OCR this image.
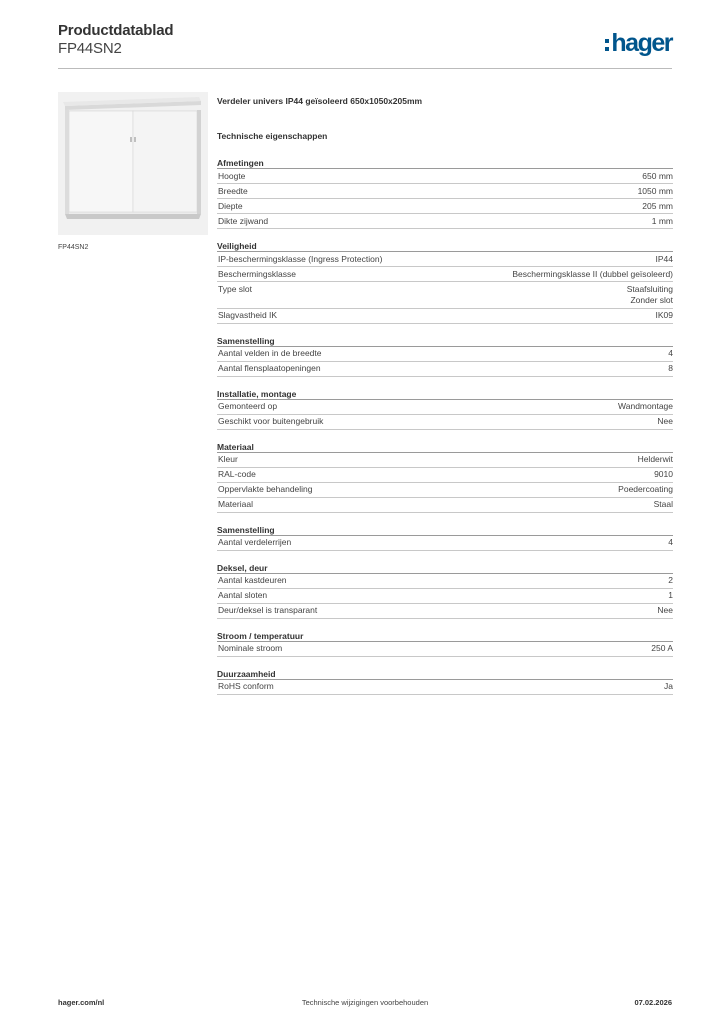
Productdatablad
FP44SN2	hager
FP44SN2
Verdeler univers IP44 geïsoleerd 650x1050x205mm
Technische eigenschappen
Afmetingen
Hoogte	650 mm
Breedte	1050 mm
Diepte	205 mm
Dikte zijwand	1 mm
Veiligheid
IP-beschermingsklasse (Ingress Protection)	IP44
Beschermingsklasse	Beschermingsklasse II (dubbel geïsoleerd)
Type slot	Staafsluiting
Zonder slot
Slagvastheid IK	IK09
Samenstelling
Aantal velden in de breedte	4
Aantal flensplaatopeningen	8
Installatie, montage
Gemonteerd op	Wandmontage
Geschikt voor buitengebruik	Nee
Materiaal
Kleur	Helderwit
RAL-code	9010
Oppervlakte behandeling	Poedercoating
Materiaal	Staal
Samenstelling
Aantal verdelerrijen	4
Deksel, deur
Aantal kastdeuren	2
Aantal sloten	1
Deur/deksel is transparant	Nee
Stroom / temperatuur
Nominale stroom	250 A
Duurzaamheid
RoHS conform	Ja
hager.com/nl	Technische wijzigingen voorbehouden	07.02.2026
